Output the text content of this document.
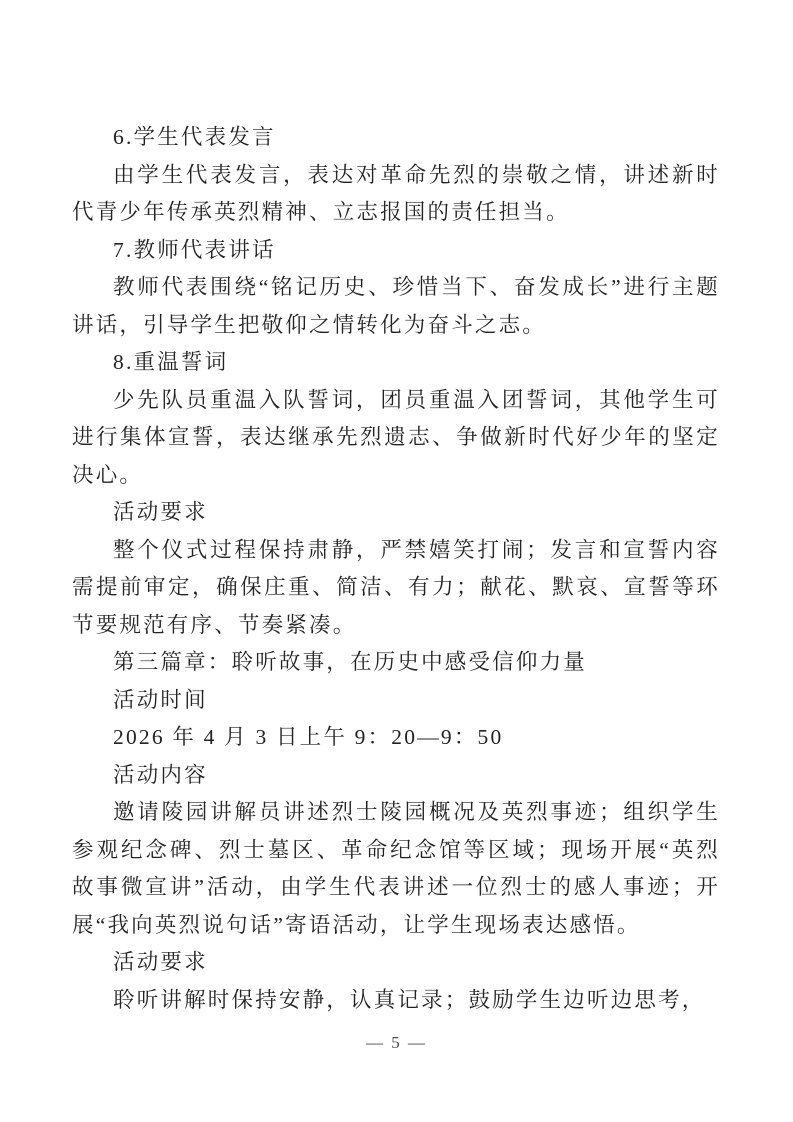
6.学生代表发言

由学生代表发言，表达对革命先烈的崇敬之情，讲述新时代青少年传承英烈精神、立志报国的责任担当。

7.教师代表讲话

教师代表围绕“铭记历史、珍惜当下、奋发成长”进行主题讲话，引导学生把敬仰之情转化为奋斗之志。

8.重温誓词

少先队员重温入队誓词，团员重温入团誓词，其他学生可进行集体宣誓，表达继承先烈遗志、争做新时代好少年的坚定决心。

活动要求

整个仪式过程保持肃静，严禁嬉笑打闹；发言和宣誓内容需提前审定，确保庄重、简洁、有力；献花、默哀、宣誓等环节要规范有序、节奏紧凑。

第三篇章：聆听故事，在历史中感受信仰力量

活动时间

2026 年 4 月 3 日上午 9：20—9：50

活动内容

邀请陵园讲解员讲述烈士陵园概况及英烈事迹；组织学生参观纪念碑、烈士墓区、革命纪念馆等区域；现场开展“英烈故事微宣讲”活动，由学生代表讲述一位烈士的感人事迹；开展“我向英烈说句话”寄语活动，让学生现场表达感悟。

活动要求

聆听讲解时保持安静，认真记录；鼓励学生边听边思考，

— 5 —
